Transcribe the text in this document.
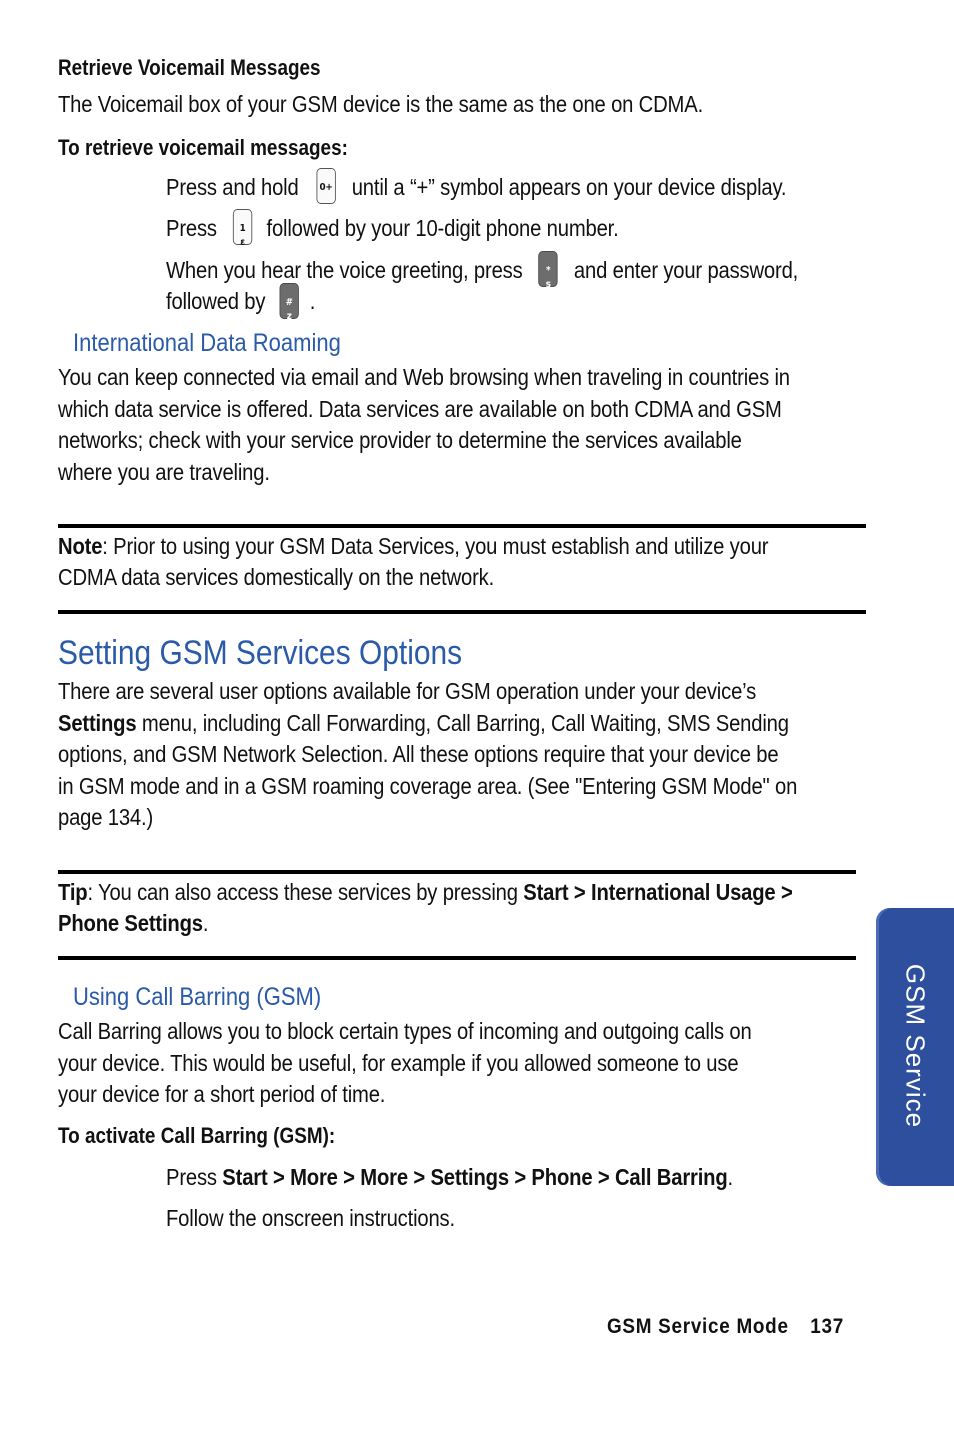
Retrieve Voicemail Messages
The Voicemail box of your GSM device is the same as the one on CDMA.
To retrieve voicemail messages:
Press and hold 0+ until a “+” symbol appears on your device display.
Press	1
ε
followed by your 10-digit phone number.
When you hear the voice greeting, press	*
s
and enter your password,
followed by	#
z
.
International Data Roaming
You can keep connected via email and Web browsing when traveling in countries in
which data service is offered. Data services are available on both CDMA and GSM
networks; check with your service provider to determine the services available
where you are traveling.
Note: Prior to using your GSM Data Services, you must establish and utilize your
CDMA data services domestically on the network.
Setting GSM Services Options
There are several user options available for GSM operation under your device’s
Settings menu, including Call Forwarding, Call Barring, Call Waiting, SMS Sending
options, and GSM Network Selection. All these options require that your device be
in GSM mode and in a GSM roaming coverage area. (See "Entering GSM Mode" on
page 134.)
Tip: You can also access these services by pressing Start > International Usage >
Phone Settings.
Using Call Barring (GSM)
Call Barring allows you to block certain types of incoming and outgoing calls on
your device. This would be useful, for example if you allowed someone to use
your device for a short period of time.
To activate Call Barring (GSM):
Press Start > More > More > Settings > Phone > Call Barring.
Follow the onscreen instructions.
GSM Service
GSM Service Mode 137
